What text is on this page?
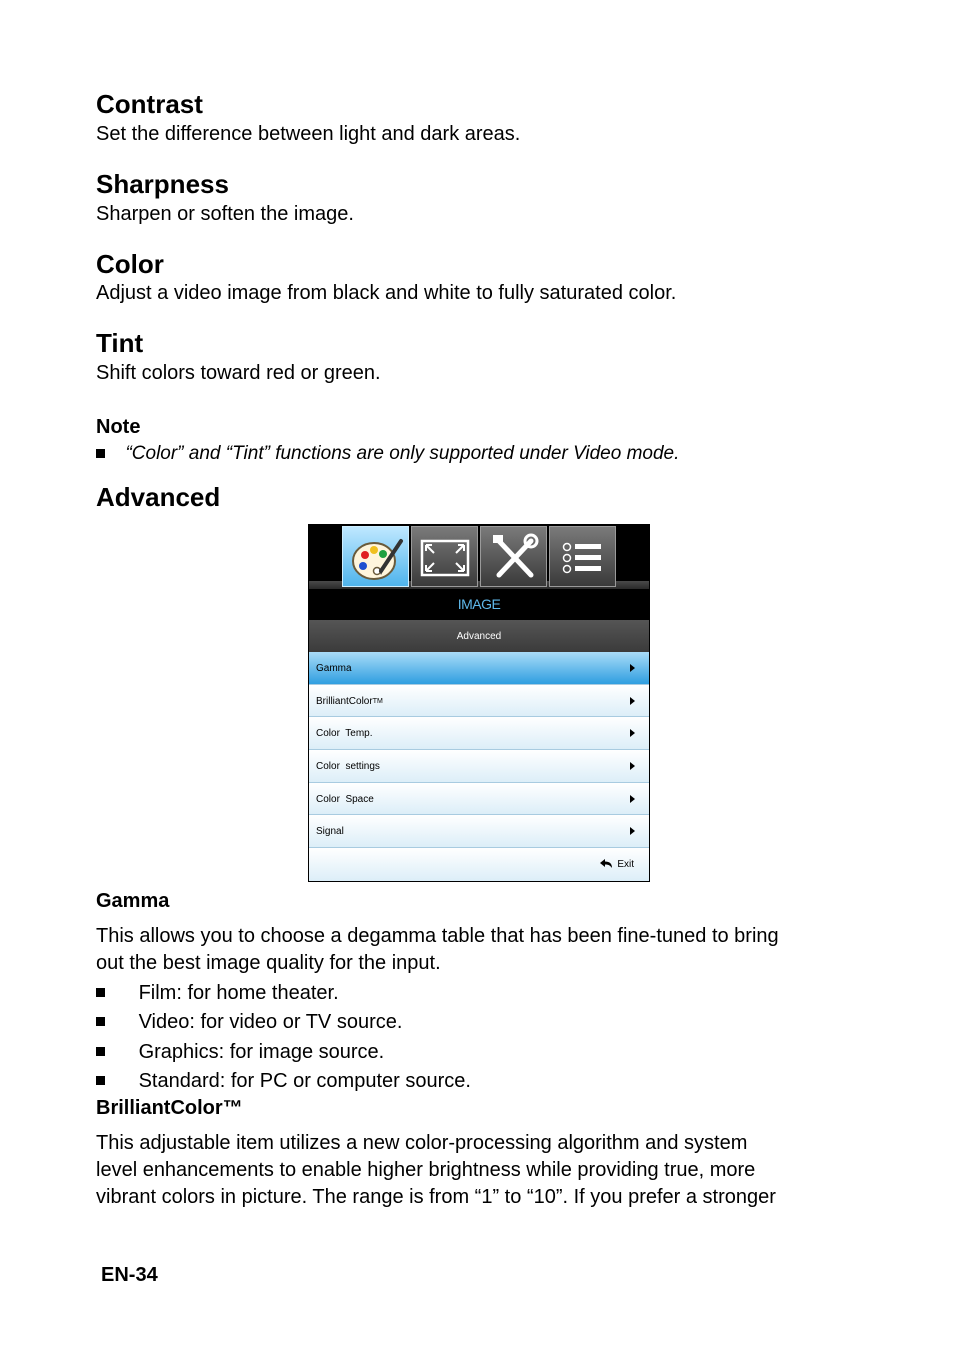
Contrast
Set the difference between light and dark areas.
Sharpness
Sharpen or soften the image.
Color
Adjust a video image from black and white to fully saturated color.
Tint
Shift colors toward red or green.
Note
“Color” and “Tint” functions are only supported under Video mode.
Advanced
IMAGE
Advanced
Gamma
BrilliantColor™
Color  Temp.
Color  settings
Color  Space
Signal
Exit
Gamma
This allows you to choose a degamma table that has been fine-tuned to bring
out the best image quality for the input.
Film: for home theater.
Video: for video or TV source.
Graphics: for image source.
Standard: for PC or computer source.
BrilliantColor™
This adjustable item utilizes a new color-processing algorithm and system
level enhancements to enable higher brightness while providing true, more
vibrant colors in picture. The range is from “1” to “10”. If you prefer a stronger
EN-34
